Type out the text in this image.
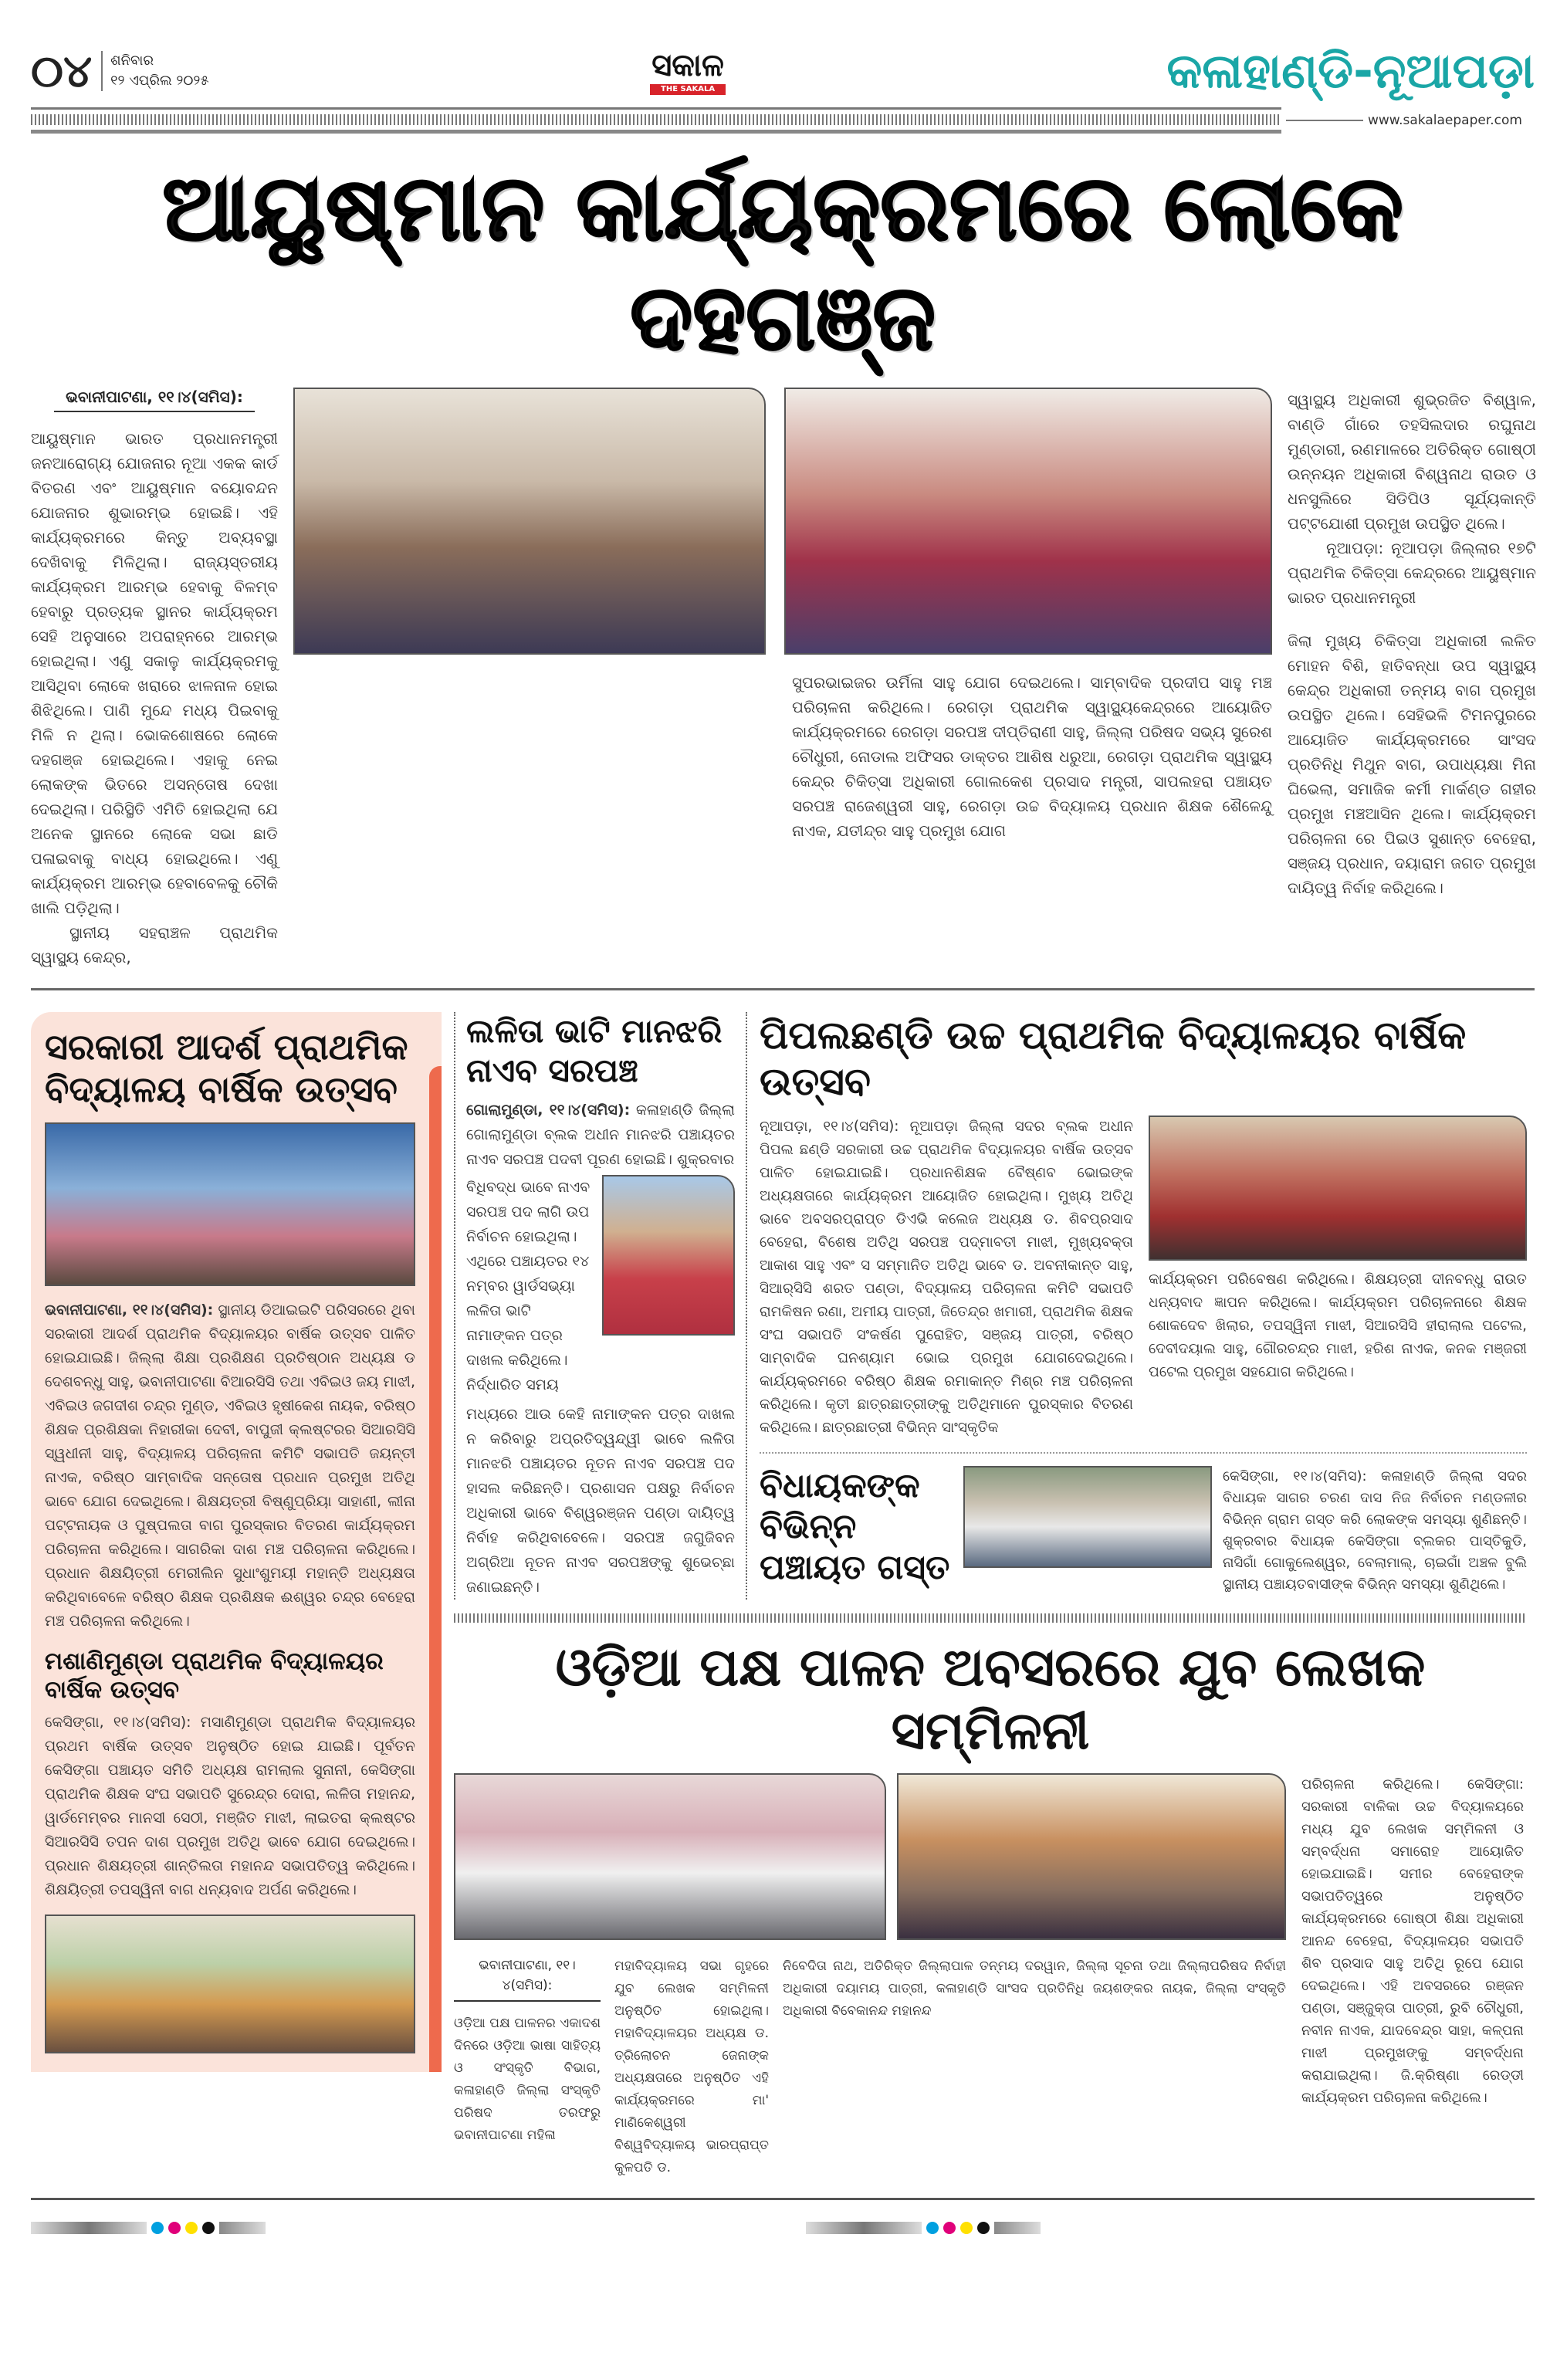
୦୪ ଶନିବାର
୧୨ ଏପ୍ରିଲ ୨୦୨୫	ସକାଳ
THE SAKALA	କଳାହାଣ୍ଡି-ନୂଆପଡ଼ା
www.sakalaepaper.com
ଆୟୁଷ୍ମାନ କାର୍ଯ୍ୟକ୍ରମରେ ଲୋକେ ଦହଗଞ୍ଜ
ଭବାନୀପାଟଣା, ୧୧।୪(ସମିସ):

ଆୟୁଷ୍ମାନ ଭାରତ ପ୍ରଧାନମନ୍ତ୍ରୀ ଜନଆରୋଗ୍ୟ ଯୋଜନାର ନୂଆ ଏକକ କାର୍ଡ ବିତରଣ ଏବଂ ଆୟୁଷ୍ମାନ ବୟୋବନ୍ଦନ ଯୋଜନାର ଶୁଭାରମ୍ଭ ହୋଇଛି। ଏହି କାର୍ଯ୍ୟକ୍ରମରେ କିନ୍ତୁ ଅବ୍ୟବସ୍ଥା ଦେଖିବାକୁ ମିଳିଥିଲା। ରାଜ୍ୟସ୍ତରୀୟ କାର୍ଯ୍ୟକ୍ରମ ଆରମ୍ଭ ହେବାକୁ ବିଳମ୍ବ ହେବାରୁ ପ୍ରତ୍ୟକ ସ୍ଥାନର କାର୍ଯ୍ୟକ୍ରମ ସେହି ଅନୁସାରେ ଅପରାହ୍ନରେ ଆରମ୍ଭ ହୋଇଥିଲା। ଏଣୁ ସକାଳୁ କାର୍ଯ୍ୟକ୍ରମକୁ ଆସିଥିବା ଲୋକେ ଖରାରେ ଝାଳନାଳ ହୋଇ ଶିଝିଥିଲେ। ପାଣି ମୁନ୍ଦେ ମଧ୍ୟ ପିଇବାକୁ ମିଳି ନ ଥିଲା। ଭୋକଶୋଷରେ ଲୋକେ ଦହଗଞ୍ଜ ହୋଇଥିଲେ। ଏହାକୁ ନେଇ ଲୋକଙ୍କ ଭିତରେ ଅସନ୍ତୋଷ ଦେଖା ଦେଇଥିଲା। ପରିସ୍ଥିତି ଏମିତି ହୋଇଥିଲା ଯେ ଅନେକ ସ୍ଥାନରେ ଲୋକେ ସଭା ଛାଡି ପଳାଇବାକୁ ବାଧ୍ୟ ହୋଇଥିଲେ। ଏଣୁ କାର୍ଯ୍ୟକ୍ରମ ଆରମ୍ଭ ହେବାବେଳକୁ ଚୌକି ଖାଲି ପଡ଼ିଥିଲା।

ସ୍ଥାନୀୟ ସହରାଞ୍ଚଳ ପ୍ରାଥମିକ ସ୍ୱାସ୍ଥ୍ୟ କେନ୍ଦ୍ର,

ସୁପରଭାଇଜର ଉର୍ମିଳା ସାହୁ ଯୋଗ ଦେଇଥଲେ। ସାମ୍ବାଦିକ ପ୍ରଦୀପ ସାହୁ ମଞ୍ଚ ପରିଚାଳନା କରିଥିଲେ। ରେଗଡ଼ା ପ୍ରାଥମିକ ସ୍ୱାସ୍ଥ୍ୟକେନ୍ଦ୍ରରେ ଆୟୋଜିତ କାର୍ଯ୍ୟକ୍ରମରେ ରେଗଡ଼ା ସରପଞ୍ଚ ଦୀପ୍ତିରାଣୀ ସାହୁ, ଜିଲ୍ଲା ପରିଷଦ ସଭ୍ୟ ସୁରେଶ ଚୌଧୁରୀ, ନୋଡାଲ ଅଫିସର ଡାକ୍ତର ଆଶିଷ ଧରୁଆ, ରେଗଡ଼ା ପ୍ରାଥମିକ ସ୍ୱାସ୍ଥ୍ୟ କେନ୍ଦ୍ର ଚିକିତ୍ସା ଅଧିକାରୀ ଗୋଲକେଶ ପ୍ରସାଦ ମନ୍ତ୍ରୀ, ସାପଲହରା ପଞ୍ଚାୟତ ସରପଞ୍ଚ ରାଜେଶ୍ୱରୀ ସାହୁ, ରେଗଡ଼ା ଉଚ୍ଚ ବିଦ୍ୟାଳୟ ପ୍ରଧାନ ଶିକ୍ଷକ ଶୈଳେନ୍ଦୁ ନାଏକ, ଯତୀନ୍ଦ୍ର ସାହୁ ପ୍ରମୁଖ ଯୋଗ

ସ୍ୱାସ୍ଥ୍ୟ ଅଧିକାରୀ ଶୁଭ୍ରଜିତ ବିଶ୍ୱାଳ, ବାଣ୍ଡି ଗାଁରେ ତହସିଲଦାର ରଘୁନାଥ ମୁଣ୍ଡାରୀ, ରଣମାଳରେ ଅତିରିକ୍ତ ଗୋଷ୍ଠୀ ଉନ୍ନୟନ ଅଧିକାରୀ ବିଶ୍ୱନାଥ ରାଉତ ଓ ଧନସୁଲିରେ ସିଡିପିଓ ସୂର୍ଯ୍ୟକାନ୍ତି ପଟ୍ଟଯୋଶୀ ପ୍ରମୁଖ ଉପସ୍ଥିତ ଥିଲେ।

ନୂଆପଡ଼ା: ନୂଆପଡ଼ା ଜିଲ୍ଲାର ୧୭ଟି ପ୍ରାଥମିକ ଚିକିତ୍ସା କେନ୍ଦ୍ରରେ ଆୟୁଷ୍ମାନ ଭାରତ ପ୍ରଧାନମନ୍ତ୍ରୀ

ଜିଲା ମୁଖ୍ୟ ଚିକିତ୍ସା ଅଧିକାରୀ ଲଳିତ ମୋହନ ବିଶି, ହାତିବନ୍ଧା ଉପ ସ୍ୱାସ୍ଥ୍ୟ କେନ୍ଦ୍ର ଅଧିକାରୀ ତନ୍ମୟ ବାଗ ପ୍ରମୁଖ ଉପସ୍ଥିତ ଥିଲେ। ସେହିଭଳି ଟିମନପୁରରେ ଆୟୋଜିତ କାର୍ଯ୍ୟକ୍ରମରେ ସାଂସଦ ପ୍ରତିନିଧି ମିଥୁନ ବାଗ, ଉପାଧ୍ୟକ୍ଷା ମିନା ଘିଭେଲା, ସମାଜିକ କର୍ମୀ ମାର୍କଣ୍ଡ ଗହୀର ପ୍ରମୁଖ ମଞ୍ଚଆସିନ ଥିଲେ। କାର୍ଯ୍ୟକ୍ରମ ପରିଚାଳନା ରେ ପିଇଓ ସୁଶାନ୍ତ ବେହେରା, ସଞ୍ଜୟ ପ୍ରଧାନ, ଦୟାରାମ ଜଗତ ପ୍ରମୁଖ ଦାୟିତ୍ୱ ନିର୍ବାହ କରିଥିଲେ।

ସରକାରୀ ଆଦର୍ଶ ପ୍ରାଥମିକ ବିଦ୍ୟାଳୟ ବାର୍ଷିକ ଉତ୍ସବ
ଭବାନୀପାଟଣା, ୧୧।୪(ସମିସ): ସ୍ଥାନୀୟ ଡିଆଇଇଟି ପରିସରରେ ଥିବା ସରକାରୀ ଆଦର୍ଶ ପ୍ରାଥମିକ ବିଦ୍ୟାଳୟର ବାର୍ଷିକ ଉତ୍ସବ ପାଳିତ ହୋଇଯାଇଛି। ଜିଲ୍ଲା ଶିକ୍ଷା ପ୍ରଶିକ୍ଷଣ ପ୍ରତିଷ୍ଠାନ ଅଧ୍ୟକ୍ଷ ଡ ଦେଶବନ୍ଧୁ ସାହୁ, ଭବାନୀପାଟଣା ବିଆରସିସି ତଥା ଏବିଇଓ ଜୟ ମାଝୀ, ଏବିଇଓ ଜଗଦୀଶ ଚନ୍ଦ୍ର ମୁଣ୍ଡ, ଏବିଇଓ ହୃଷୀକେଶ ନାୟକ, ବରିଷ୍ଠ ଶିକ୍ଷକ ପ୍ରଶିକ୍ଷକା ନିହାରୀକା ଦେବୀ, ବାପୁଜୀ କ୍ଲଷ୍ଟରର ସିଆରସିସି ସ୍ୱଧୀନୀ ସାହୁ, ବିଦ୍ୟାଳୟ ପରିଚାଳନା କମିଟି ସଭାପତି ଜୟନ୍ତୀ ନାଏକ, ବରିଷ୍ଠ ସାମ୍ବାଦିକ ସନ୍ତୋଷ ପ୍ରଧାନ ପ୍ରମୁଖ ଅତିଥି ଭାବେ ଯୋଗ ଦେଇଥିଲେ। ଶିକ୍ଷୟତ୍ରୀ ବିଷ୍ଣୁପ୍ରିୟା ସାହାଣୀ, ଲୀନା ପଟ୍ଟନାୟକ ଓ ପୁଷ୍ପଲତା ବାଗ ପୁରସ୍କାର ବିତରଣ କାର୍ଯ୍ୟକ୍ରମ ପରିଚାଳନା କରିଥିଲେ। ସାଗରିକା ଦାଶ ମଞ୍ଚ ପରିଚାଳନା କରିଥିଲେ। ପ୍ରଧାନ ଶିକ୍ଷୟିତ୍ରୀ ମେରୀଲିନ ସୁଧାଂଶୁମୟୀ ମହାନ୍ତି ଅଧ୍ୟକ୍ଷତା କରିଥିବାବେଳେ ବରିଷ୍ଠ ଶିକ୍ଷକ ପ୍ରଶିକ୍ଷକ ଈଶ୍ୱର ଚନ୍ଦ୍ର ବେହେରା ମଞ୍ଚ ପରିଚାଳନା କରିଥିଲେ।
ମଶାଣିମୁଣ୍ଡା ପ୍ରାଥମିକ ବିଦ୍ୟାଳୟର ବାର୍ଷିକ ଉତ୍ସବ
କେସିଙ୍ଗା, ୧୧।୪(ସମିସ): ମସାଣିମୁଣ୍ଡା ପ୍ରାଥମିକ ବିଦ୍ୟାଳୟର ପ୍ରଥମ ବାର୍ଷିକ ଉତ୍ସବ ଅନୁଷ୍ଠିତ ହୋଇ ଯାଇଛି। ପୂର୍ବତନ କେସିଙ୍ଗା ପଞ୍ଚାୟତ ସମିତି ଅଧ୍ୟକ୍ଷ ରାମଲାଲ ସୁନାନୀ, କେସିଙ୍ଗା ପ୍ରାଥମିକ ଶିକ୍ଷକ ସଂଘ ସଭାପତି ସୁରେନ୍ଦ୍ର ଦୋରା, ଲଳିତା ମହାନନ୍ଦ, ୱାର୍ଡମେମ୍ବର ମାନସୀ ସେଠୀ, ମଞ୍ଜିତ ମାଝୀ, ଲାଇତରା କ୍ଲଷ୍ଟର ସିଆରସିସି ତପନ ଦାଶ ପ୍ରମୁଖ ଅତିଥି ଭାବେ ଯୋଗ ଦେଇଥିଲେ। ପ୍ରଧାନ ଶିକ୍ଷୟତ୍ରୀ ଶାନ୍ତିଲତା ମହାନନ୍ଦ ସଭାପତିତ୍ୱ କରିଥିଲେ। ଶିକ୍ଷୟିତ୍ରୀ ତପସ୍ୱିନୀ ବାଗ ଧନ୍ୟବାଦ ଅର୍ପଣ କରିଥିଲେ।
ଲଳିତା ଭାଟି ମାନଝରି ନାଏବ ସରପଞ୍ଚ
ଗୋଲାମୁଣ୍ଡା, ୧୧।୪(ସମିସ): କଳାହାଣ୍ଡି ଜିଲ୍ଲା ଗୋଲାମୁଣ୍ଡା ବ୍ଲକ ଅଧୀନ ମାନଝରି ପଞ୍ଚାୟତର ନାଏବ ସରପଞ୍ଚ ପଦବୀ ପୂରଣ ହୋଇଛି। ଶୁକ୍ରବାର
ବିଧିବଦ୍ଧ ଭାବେ ନାଏବ ସରପଞ୍ଚ ପଦ ଲାଗି ଉପ ନିର୍ବାଚନ ହୋଇଥିଲା। ଏଥିରେ ପଞ୍ଚାୟତର ୧୪ ନମ୍ବର ୱାର୍ଡସଭ୍ୟା ଲଳିତା ଭାଟି ନାମାଙ୍କନ ପତ୍ର ଦାଖଲ କରିଥିଲେ। ନିର୍ଦ୍ଧାରିତ ସମୟ
ମଧ୍ୟରେ ଆଉ କେହି ନାମାଙ୍କନ ପତ୍ର ଦାଖଲ ନ କରିବାରୁ ଅପ୍ରତିଦ୍ୱନ୍ଦ୍ୱୀ ଭାବେ ଲଳିତା ମାନଝରି ପଞ୍ଚାୟତର ନୂତନ ନାଏବ ସରପଞ୍ଚ ପଦ ହାସଲ କରିଛନ୍ତି। ପ୍ରଶାସନ ପକ୍ଷରୁ ନିର୍ବାଚନ ଅଧିକାରୀ ଭାବେ ବିଶ୍ୱରଞ୍ଜନ ପଣ୍ଡା ଦାୟିତ୍ୱ ନିର୍ବାହ କରିଥିବାବେଳେ। ସରପଞ୍ଚ ଜଗୁଜିବନ ଅଗ୍ରିଆ ନୂତନ ନାଏବ ସରପଞ୍ଚଙ୍କୁ ଶୁଭେଚ୍ଛା ଜଣାଇଛନ୍ତି।
ପିପଲଛଣ୍ଡି ଉଚ୍ଚ ପ୍ରାଥମିକ ବିଦ୍ୟାଳୟର ବାର୍ଷିକ ଉତ୍ସବ
ନୂଆପଡ଼ା, ୧୧।୪(ସମିସ): ନୂଆପଡ଼ା ଜିଲ୍ଲା ସଦର ବ୍ଲକ ଅଧୀନ ପିପଲ ଛଣ୍ଡି ସରକାରୀ ଉଚ୍ଚ ପ୍ରାଥମିକ ବିଦ୍ୟାଳୟର ବାର୍ଷିକ ଉତ୍ସବ ପାଳିତ ହୋଇଯାଇଛି। ପ୍ରଧାନଶିକ୍ଷକ ବୈଷ୍ଣବ ଭୋଇଙ୍କ ଅଧ୍ୟକ୍ଷତାରେ କାର୍ଯ୍ୟକ୍ରମ ଆୟୋଜିତ ହୋଇଥିଲା। ମୁଖ୍ୟ ଅତିଥି ଭାବେ ଅବସରପ୍ରାପ୍ତ ଡିଏଭି କଲେଜ ଅଧ୍ୟକ୍ଷ ଡ. ଶିବପ୍ରସାଦ ବେହେରା, ବିଶେଷ ଅତିଥି ସରପଞ୍ଚ ପଦ୍ମାବତୀ ମାଝୀ, ମୁଖ୍ୟବକ୍ତା ଆକାଶ ସାହୁ ଏବଂ ସ ସମ୍ମାନିତ ଅତିଥି ଭାବେ ଡ. ଅବନୀକାନ୍ତ ସାହୁ, ସିଆର୍‌ସିସି ଶରତ ପଣ୍ଡା, ବିଦ୍ୟାଳୟ ପରିଚାଳନା କମିଟି ସଭାପତି ରାମକିଷନ ରଣା, ଅମୀୟ ପାତ୍ରୀ, ଜିତେନ୍ଦ୍ର ଖମାରୀ, ପ୍ରାଥମିକ ଶିକ୍ଷକ ସଂଘ ସଭାପତି ସଂକର୍ଷଣ ପୁରୋହିତ, ସଞ୍ଜୟ ପାତ୍ରୀ, ବରିଷ୍ଠ ସାମ୍ବାଦିକ ଘନଶ୍ୟାମ ଭୋଇ ପ୍ରମୁଖ ଯୋଗଦେଇଥିଲେ। କାର୍ଯ୍ୟକ୍ରମରେ ବରିଷ୍ଠ ଶିକ୍ଷକ ରମାକାନ୍ତ ମିଶ୍ର ମଞ୍ଚ ପରିଚାଳନା କରିଥିଲେ। କୃତୀ ଛାତ୍ରଛାତ୍ରୀଙ୍କୁ ଅତିଥିମାନେ ପୁରସ୍କାର ବିତରଣ କରିଥିଲେ। ଛାତ୍ରଛାତ୍ରୀ ବିଭିନ୍ନ ସାଂସ୍କୃତିକ
କାର୍ଯ୍ୟକ୍ରମ ପରିବେଷଣ କରିଥିଲେ। ଶିକ୍ଷୟତ୍ରୀ ଦୀନବନ୍ଧୁ ରାଉତ ଧନ୍ୟବାଦ ଜ୍ଞାପନ କରିଥିଲେ। କାର୍ଯ୍ୟକ୍ରମ ପରିଚାଳନାରେ ଶିକ୍ଷକ ଶୋକଦେବ ଖିଲାର, ତପସ୍ୱିନୀ ମାଝୀ, ସିଆରସିସି ହୀରାଲାଲ ପଟେଲ, ଦେବୀଦୟାଲ ସାହୁ, ଗୌରଚନ୍ଦ୍ର ମାଝୀ, ହରିଶ ନାଏକ, କନକ ମଞ୍ଜରୀ ପଟେଲ ପ୍ରମୁଖ ସହଯୋଗ କରିଥିଲେ।
ବିଧାୟକଙ୍କ ବିଭିନ୍ନ ପଞ୍ଚାୟତ ଗସ୍ତ
କେସିଙ୍ଗା, ୧୧।୪(ସମିସ): କଳାହାଣ୍ଡି ଜିଲ୍ଲା ସଦର ବିଧାୟକ ସାଗର ଚରଣ ଦାସ ନିଜ ନିର୍ବାଚନ ମଣ୍ଡଳୀର ବିଭିନ୍ନ ଗ୍ରାମ ଗସ୍ତ କରି ଲୋକଙ୍କ ସମସ୍ୟା ଶୁଣିଛନ୍ତି। ଶୁକ୍ରବାର ବିଧାୟକ କେସିଙ୍ଗା ବ୍ଲକର ପାସ୍ତିକୁଡି, ନାସିଗାଁ ଗୋକୁଲେଶ୍ୱର, ବେଲାମାଲ୍, ଚାଇଗାଁ ଅଞ୍ଚଳ ବୁଲି ସ୍ଥାନୀୟ ପଞ୍ଚାୟତବାସୀଙ୍କ ବିଭିନ୍ନ ସମସ୍ୟା ଶୁଣିଥିଲେ।
ଓଡ଼ିଆ ପକ୍ଷ ପାଳନ ଅବସରରେ ଯୁବ ଲେଖକ ସମ୍ମିଳନୀ
ଭବାନୀପାଟଣା, ୧୧।୪(ସମିସ):
ଓଡ଼ିଆ ପକ୍ଷ ପାଳନର ଏକାଦଶ ଦିନରେ ଓଡ଼ିଆ ଭାଷା ସାହିତ୍ୟ ଓ ସଂସ୍କୃତି ବିଭାଗ, କଳାହାଣ୍ଡି ଜିଲ୍ଲା ସଂସ୍କୃତି ପରିଷଦ ତରଫରୁ ଭବାନୀପାଟଣା ମହିଳା
ମହାବିଦ୍ୟାଳୟ ସଭା ଗୃହରେ ଯୁବ ଲେଖକ ସମ୍ମିଳନୀ ଅନୁଷ୍ଠିତ ହୋଇଥିଲା। ମହାବିଦ୍ୟାଳୟର ଅଧ୍ୟକ୍ଷ ଡ. ତ୍ରିଲୋଚନ ଜେନାଙ୍କ ଅଧ୍ୟକ୍ଷତାରେ ଅନୁଷ୍ଠିତ ଏହି କାର୍ଯ୍ୟକ୍ରମରେ ମା' ମାଣିକେଶ୍ୱରୀ ବିଶ୍ୱବିଦ୍ୟାଳୟ ଭାରପ୍ରାପ୍ତ କୁଳପତି ଡ.
ନିବେଦିତା ନାଥ, ଅତିରିକ୍ତ ଜିଲ୍ଲାପାଳ ତନ୍ମୟ ଦରୱାନ, ଜିଲ୍ଲା ସୂଚନା ତଥା ଜିଲ୍ଲାପରିଷଦ ନିର୍ବାହୀ ଅଧିକାରୀ ଦୟାମୟ ପାତ୍ରୀ, କଳାହାଣ୍ଡି ସାଂସଦ ପ୍ରତିନିଧି ଜୟଶଙ୍କର ନାୟକ, ଜିଲ୍ଲା ସଂସ୍କୃତି ଅଧିକାରୀ ବିବେକାନନ୍ଦ ମହାନନ୍ଦ
ପରିଚାଳନା କରିଥିଲେ। କେସିଙ୍ଗା: ସରକାରୀ ବାଳିକା ଉଚ୍ଚ ବିଦ୍ୟାଳୟରେ ମଧ୍ୟ ଯୁବ ଲେଖକ ସମ୍ମିଳନୀ ଓ ସମ୍ବର୍ଦ୍ଧନା ସମାରୋହ ଆୟୋଜିତ ହୋଇଯାଇଛି। ସମୀର ବେହେରାଙ୍କ ସଭାପତିତ୍ୱରେ ଅନୁଷ୍ଠିତ କାର୍ଯ୍ୟକ୍ରମରେ ଗୋଷ୍ଠୀ ଶିକ୍ଷା ଅଧିକାରୀ ଆନନ୍ଦ ବେହେରା, ବିଦ୍ୟାଳୟର ସଭାପତି ଶିବ ପ୍ରସାଦ ସାହୁ ଅତିଥି ରୂପେ ଯୋଗ ଦେଇଥିଲେ। ଏହି ଅବସରରେ ରଞ୍ଜନ ପଣ୍ଡା, ସଞ୍ଜୁକ୍ତା ପାତ୍ରୀ, ରୁବି ଚୌଧୁରୀ, ନବୀନ ନାଏକ, ଯାଦବେନ୍ଦ୍ର ସାହା, କଳ୍ପନା ମାଝୀ ପ୍ରମୁଖଙ୍କୁ ସମ୍ବର୍ଦ୍ଧନା କରାଯାଇଥିଲା। ଜି.କ୍ରିଷ୍ଣା ରେଡ୍ଡୀ କାର୍ଯ୍ୟକ୍ରମ ପରିଚାଳନା କରିଥିଲେ।
